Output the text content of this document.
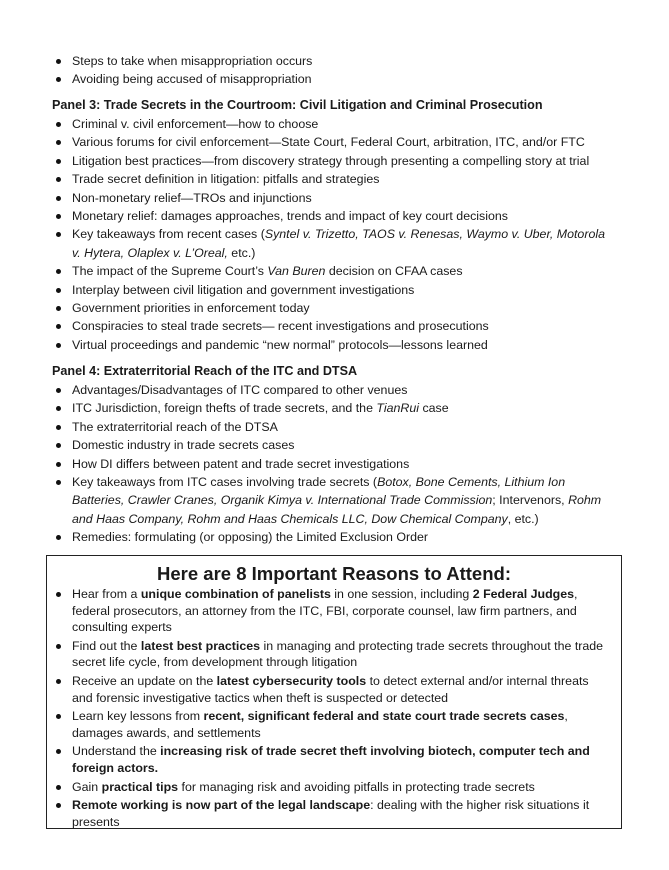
Steps to take when misappropriation occurs
Avoiding being accused of misappropriation
Panel 3: Trade Secrets in the Courtroom: Civil Litigation and Criminal Prosecution
Criminal v. civil enforcement—how to choose
Various forums for civil enforcement—State Court, Federal Court, arbitration, ITC, and/or FTC
Litigation best practices—from discovery strategy through presenting a compelling story at trial
Trade secret definition in litigation: pitfalls and strategies
Non-monetary relief—TROs and injunctions
Monetary relief: damages approaches, trends and impact of key court decisions
Key takeaways from recent cases (Syntel v. Trizetto, TAOS v. Renesas, Waymo v. Uber, Motorola v. Hytera, Olaplex v. L’Oreal, etc.)
The impact of the Supreme Court’s Van Buren decision on CFAA cases
Interplay between civil litigation and government investigations
Government priorities in enforcement today
Conspiracies to steal trade secrets— recent investigations and prosecutions
Virtual proceedings and pandemic “new normal” protocols—lessons learned
Panel 4: Extraterritorial Reach of the ITC and DTSA
Advantages/Disadvantages of ITC compared to other venues
ITC Jurisdiction, foreign thefts of trade secrets, and the TianRui case
The extraterritorial reach of the DTSA
Domestic industry in trade secrets cases
How DI differs between patent and trade secret investigations
Key takeaways from ITC cases involving trade secrets (Botox, Bone Cements, Lithium Ion Batteries, Crawler Cranes, Organik Kimya v. International Trade Commission; Intervenors, Rohm and Haas Company, Rohm and Haas Chemicals LLC, Dow Chemical Company, etc.)
Remedies: formulating (or opposing) the Limited Exclusion Order
Here are 8 Important Reasons to Attend:
Hear from a unique combination of panelists in one session, including 2 Federal Judges, federal prosecutors, an attorney from the ITC, FBI, corporate counsel, law firm partners, and consulting experts
Find out the latest best practices in managing and protecting trade secrets throughout the trade secret life cycle, from development through litigation
Receive an update on the latest cybersecurity tools to detect external and/or internal threats and forensic investigative tactics when theft is suspected or detected
Learn key lessons from recent, significant federal and state court trade secrets cases, damages awards, and settlements
Understand the increasing risk of trade secret theft involving biotech, computer tech and foreign actors.
Gain practical tips for managing risk and avoiding pitfalls in protecting trade secrets
Remote working is now part of the legal landscape: dealing with the higher risk situations it presents
